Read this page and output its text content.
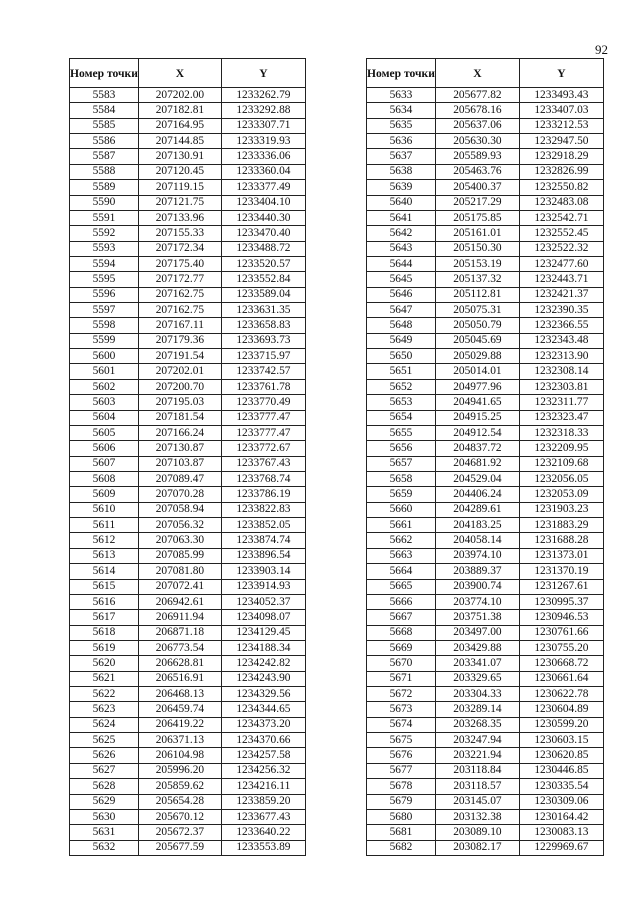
92
Номер точки	X	Y
5583	207202.00	1233262.79
5584	207182.81	1233292.88
5585	207164.95	1233307.71
5586	207144.85	1233319.93
5587	207130.91	1233336.06
5588	207120.45	1233360.04
5589	207119.15	1233377.49
5590	207121.75	1233404.10
5591	207133.96	1233440.30
5592	207155.33	1233470.40
5593	207172.34	1233488.72
5594	207175.40	1233520.57
5595	207172.77	1233552.84
5596	207162.75	1233589.04
5597	207162.75	1233631.35
5598	207167.11	1233658.83
5599	207179.36	1233693.73
5600	207191.54	1233715.97
5601	207202.01	1233742.57
5602	207200.70	1233761.78
5603	207195.03	1233770.49
5604	207181.54	1233777.47
5605	207166.24	1233777.47
5606	207130.87	1233772.67
5607	207103.87	1233767.43
5608	207089.47	1233768.74
5609	207070.28	1233786.19
5610	207058.94	1233822.83
5611	207056.32	1233852.05
5612	207063.30	1233874.74
5613	207085.99	1233896.54
5614	207081.80	1233903.14
5615	207072.41	1233914.93
5616	206942.61	1234052.37
5617	206911.94	1234098.07
5618	206871.18	1234129.45
5619	206773.54	1234188.34
5620	206628.81	1234242.82
5621	206516.91	1234243.90
5622	206468.13	1234329.56
5623	206459.74	1234344.65
5624	206419.22	1234373.20
5625	206371.13	1234370.66
5626	206104.98	1234257.58
5627	205996.20	1234256.32
5628	205859.62	1234216.11
5629	205654.28	1233859.20
5630	205670.12	1233677.43
5631	205672.37	1233640.22
5632	205677.59	1233553.89
Номер точки	X	Y
5633	205677.82	1233493.43
5634	205678.16	1233407.03
5635	205637.06	1233212.53
5636	205630.30	1232947.50
5637	205589.93	1232918.29
5638	205463.76	1232826.99
5639	205400.37	1232550.82
5640	205217.29	1232483.08
5641	205175.85	1232542.71
5642	205161.01	1232552.45
5643	205150.30	1232522.32
5644	205153.19	1232477.60
5645	205137.32	1232443.71
5646	205112.81	1232421.37
5647	205075.31	1232390.35
5648	205050.79	1232366.55
5649	205045.69	1232343.48
5650	205029.88	1232313.90
5651	205014.01	1232308.14
5652	204977.96	1232303.81
5653	204941.65	1232311.77
5654	204915.25	1232323.47
5655	204912.54	1232318.33
5656	204837.72	1232209.95
5657	204681.92	1232109.68
5658	204529.04	1232056.05
5659	204406.24	1232053.09
5660	204289.61	1231903.23
5661	204183.25	1231883.29
5662	204058.14	1231688.28
5663	203974.10	1231373.01
5664	203889.37	1231370.19
5665	203900.74	1231267.61
5666	203774.10	1230995.37
5667	203751.38	1230946.53
5668	203497.00	1230761.66
5669	203429.88	1230755.20
5670	203341.07	1230668.72
5671	203329.65	1230661.64
5672	203304.33	1230622.78
5673	203289.14	1230604.89
5674	203268.35	1230599.20
5675	203247.94	1230603.15
5676	203221.94	1230620.85
5677	203118.84	1230446.85
5678	203118.57	1230335.54
5679	203145.07	1230309.06
5680	203132.38	1230164.42
5681	203089.10	1230083.13
5682	203082.17	1229969.67
